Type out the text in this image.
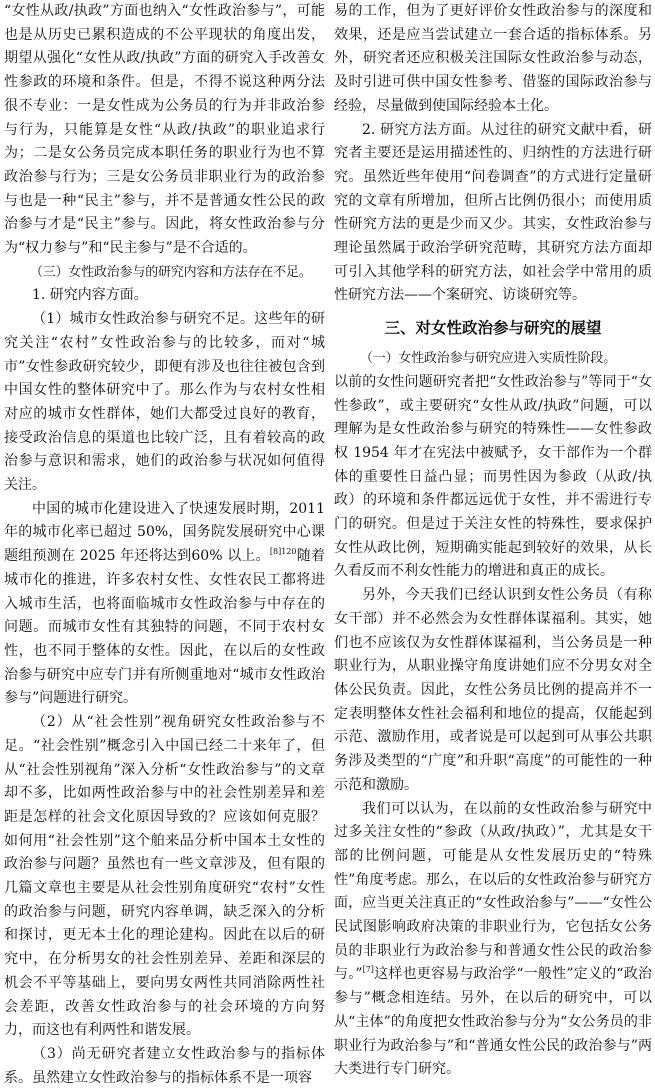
“女性从政/执政”方面也纳入“女性政治参与”，可能也是从历史已累积造成的不公平现状的角度出发，期望从强化“女性从政/执政”方面的研究入手改善女性参政的环境和条件。但是，不得不说这种两分法很不专业：一是女性成为公务员的行为并非政治参与行为，只能算是女性“从政/执政”的职业追求行为；二是女公务员完成本职任务的职业行为也不算政治参与行为；三是女公务员非职业行为的政治参与也是一种“民主”参与，并不是普通女性公民的政治参与才是“民主”参与。因此，将女性政治参与分为“权力参与”和“民主参与”是不合适的。

（三）女性政治参与的研究内容和方法存在不足。

1. 研究内容方面。

（1）城市女性政治参与研究不足。这些年的研究关注“农村”女性政治参与的比较多，而对“城市”女性参政研究较少，即便有涉及也往往被包含到中国女性的整体研究中了。那么作为与农村女性相对应的城市女性群体，她们大都受过良好的教育，接受政治信息的渠道也比较广泛，且有着较高的政治参与意识和需求，她们的政治参与状况如何值得关注。

中国的城市化建设进入了快速发展时期，2011年的城市化率已超过 50%，国务院发展研究中心课题组预测在 2025 年还将达到60% 以上。$^{[8]120}$随着城市化的推进，许多农村女性、女性农民工都将进入城市生活，也将面临城市女性政治参与中存在的问题。而城市女性有其独特的问题，不同于农村女性，也不同于整体的女性。因此，在以后的女性政治参与研究中应专门并有所侧重地对“城市女性政治参与”问题进行研究。

（2）从“社会性别”视角研究女性政治参与不足。“社会性别”概念引入中国已经二十来年了，但从“社会性别视角”深入分析“女性政治参与”的文章却不多，比如两性政治参与中的社会性别差异和差距是怎样的社会文化原因导致的？应该如何克服？如何用“社会性别”这个舶来品分析中国本土女性的政治参与问题？虽然也有一些文章涉及，但有限的几篇文章也主要是从社会性别角度研究“农村”女性的政治参与问题，研究内容单调，缺乏深入的分析和探讨，更无本土化的理论建构。因此在以后的研究中，在分析男女的社会性别差异、差距和深层的机会不平等基础上，要向男女两性共同消除两性社会差距，改善女性政治参与的社会环境的方向努力，而这也有利两性和谐发展。

（3）尚无研究者建立女性政治参与的指标体系。虽然建立女性政治参与的指标体系不是一项容

易的工作，但为了更好评价女性政治参与的深度和效果，还是应当尝试建立一套合适的指标体系。另外，研究者还应积极关注国际女性政治参与动态，及时引进可供中国女性参考、借鉴的国际政治参与经验，尽量做到使国际经验本土化。

2. 研究方法方面。从过往的研究文献中看，研究者主要还是运用描述性的、归纳性的方法进行研究。虽然近些年使用“问卷调查”的方式进行定量研究的文章有所增加，但所占比例仍很小；而使用质性研究方法的更是少而又少。其实，女性政治参与理论虽然属于政治学研究范畴，其研究方法方面却可引入其他学科的研究方法，如社会学中常用的质性研究方法——个案研究、访谈研究等。

三、对女性政治参与研究的展望

（一）女性政治参与研究应进入实质性阶段。

以前的女性问题研究者把“女性政治参与”等同于“女性参政”，或主要研究“女性从政/执政”问题，可以理解为是女性政治参与研究的特殊性——女性参政权 1954 年才在宪法中被赋予，女干部作为一个群体的重要性日益凸显；而男性因为参政（从政/执政）的环境和条件都远远优于女性，并不需进行专门的研究。但是过于关注女性的特殊性，要求保护女性从政比例，短期确实能起到较好的效果，从长久看反而不利女性能力的增进和真正的成长。

另外，今天我们已经认识到女性公务员（有称女干部）并不必然会为女性群体谋福利。其实，她们也不应该仅为女性群体谋福利，当公务员是一种职业行为，从职业操守角度讲她们应不分男女对全体公民负责。因此，女性公务员比例的提高并不一定表明整体女性社会福利和地位的提高，仅能起到示范、激励作用，或者说是可以起到可从事公共职务涉及类型的“广度”和升职“高度”的可能性的一种示范和激励。

我们可以认为，在以前的女性政治参与研究中过多关注女性的“参政（从政/执政）”，尤其是女干部的比例问题，可能是从女性发展历史的“特殊性”角度考虑。那么，在以后的女性政治参与研究方面，应当更关注真正的“女性政治参与”——“女性公民试图影响政府决策的非职业行为，它包括女公务员的非职业行为政治参与和普通女性公民的政治参与。”[7]这样也更容易与政治学“一般性”定义的“政治参与”概念相连结。另外，在以后的研究中，可以从“主体”的角度把女性政治参与分为“女公务员的非职业行为政治参与”和“普通女性公民的政治参与”两大类进行专门研究。
